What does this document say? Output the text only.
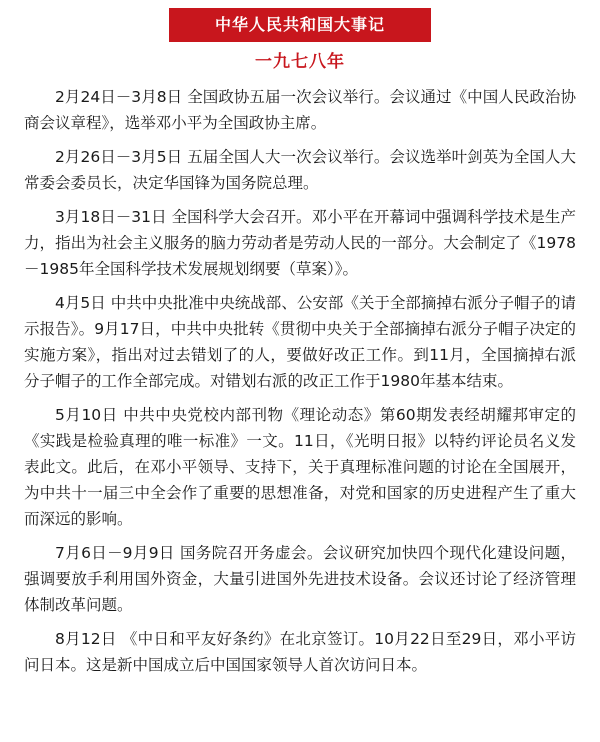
中华人民共和国大事记
一九七八年

2月24日－3月8日 全国政协五届一次会议举行。会议通过《中国人民政治协商会议章程》，选举邓小平为全国政协主席。

2月26日－3月5日 五届全国人大一次会议举行。会议选举叶剑英为全国人大常委会委员长，决定华国锋为国务院总理。

3月18日－31日 全国科学大会召开。邓小平在开幕词中强调科学技术是生产力，指出为社会主义服务的脑力劳动者是劳动人民的一部分。大会制定了《1978－1985年全国科学技术发展规划纲要（草案）》。

4月5日 中共中央批准中央统战部、公安部《关于全部摘掉右派分子帽子的请示报告》。9月17日，中共中央批转《贯彻中央关于全部摘掉右派分子帽子决定的实施方案》，指出对过去错划了的人，要做好改正工作。到11月，全国摘掉右派分子帽子的工作全部完成。对错划右派的改正工作于1980年基本结束。

5月10日 中共中央党校内部刊物《理论动态》第60期发表经胡耀邦审定的《实践是检验真理的唯一标准》一文。11日，《光明日报》以特约评论员名义发表此文。此后，在邓小平领导、支持下，关于真理标准问题的讨论在全国展开，为中共十一届三中全会作了重要的思想准备，对党和国家的历史进程产生了重大而深远的影响。

7月6日－9月9日 国务院召开务虚会。会议研究加快四个现代化建设问题，强调要放手利用国外资金，大量引进国外先进技术设备。会议还讨论了经济管理体制改革问题。

8月12日 《中日和平友好条约》在北京签订。10月22日至29日，邓小平访问日本。这是新中国成立后中国国家领导人首次访问日本。
